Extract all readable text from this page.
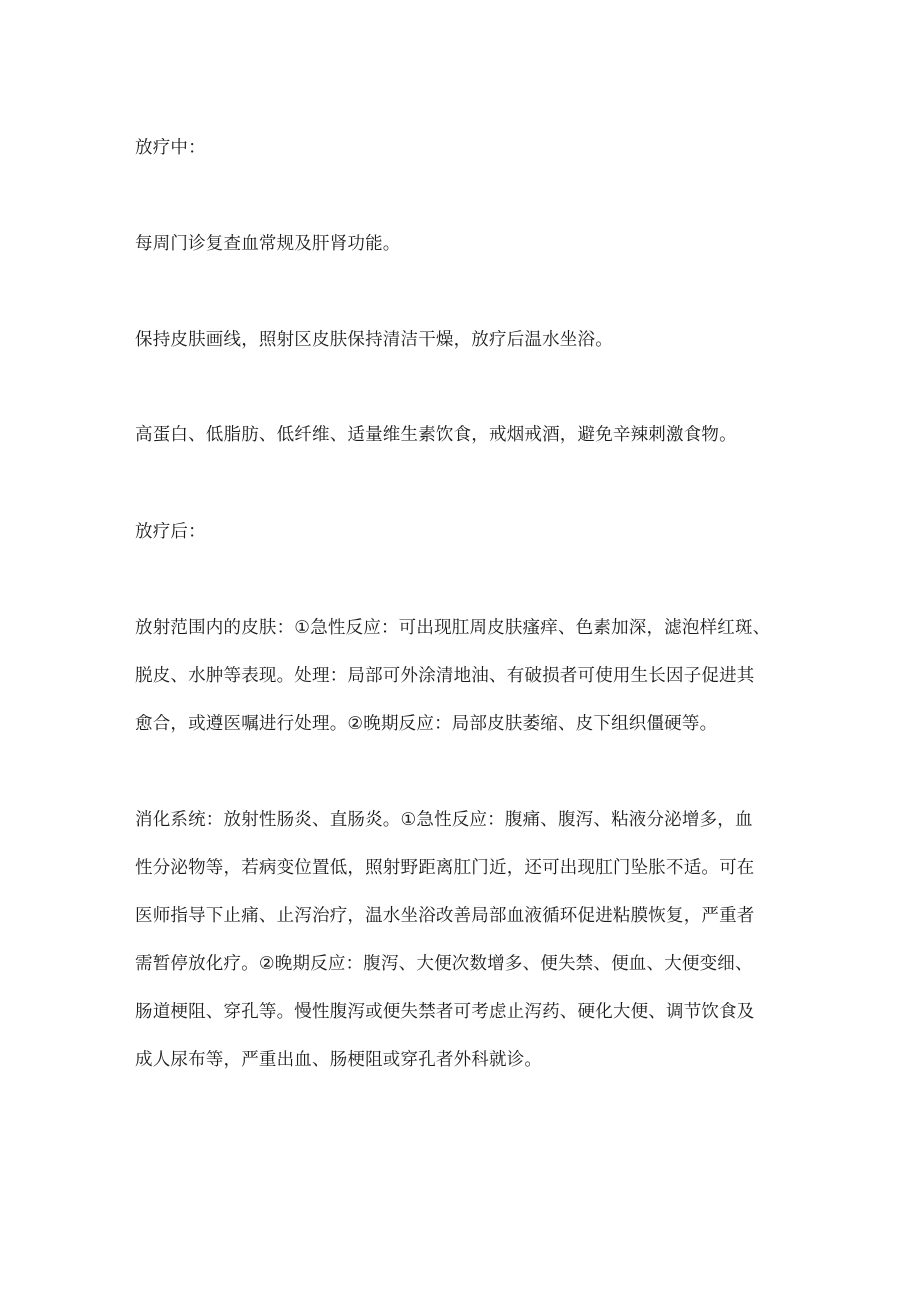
放疗中：

每周门诊复查血常规及肝肾功能。

保持皮肤画线，照射区皮肤保持清洁干燥，放疗后温水坐浴。

高蛋白、低脂肪、低纤维、适量维生素饮食，戒烟戒酒，避免辛辣刺激食物。

放疗后：

放射范围内的皮肤：①急性反应：可出现肛周皮肤瘙痒、色素加深，滤泡样红斑、
脱皮、水肿等表现。处理：局部可外涂清地油、有破损者可使用生长因子促进其
愈合，或遵医嘱进行处理。②晚期反应：局部皮肤萎缩、皮下组织僵硬等。

消化系统：放射性肠炎、直肠炎。①急性反应：腹痛、腹泻、粘液分泌增多，血
性分泌物等，若病变位置低，照射野距离肛门近，还可出现肛门坠胀不适。可在
医师指导下止痛、止泻治疗，温水坐浴改善局部血液循环促进粘膜恢复，严重者
需暂停放化疗。②晚期反应：腹泻、大便次数增多、便失禁、便血、大便变细、
肠道梗阻、穿孔等。慢性腹泻或便失禁者可考虑止泻药、硬化大便、调节饮食及
成人尿布等，严重出血、肠梗阻或穿孔者外科就诊。
